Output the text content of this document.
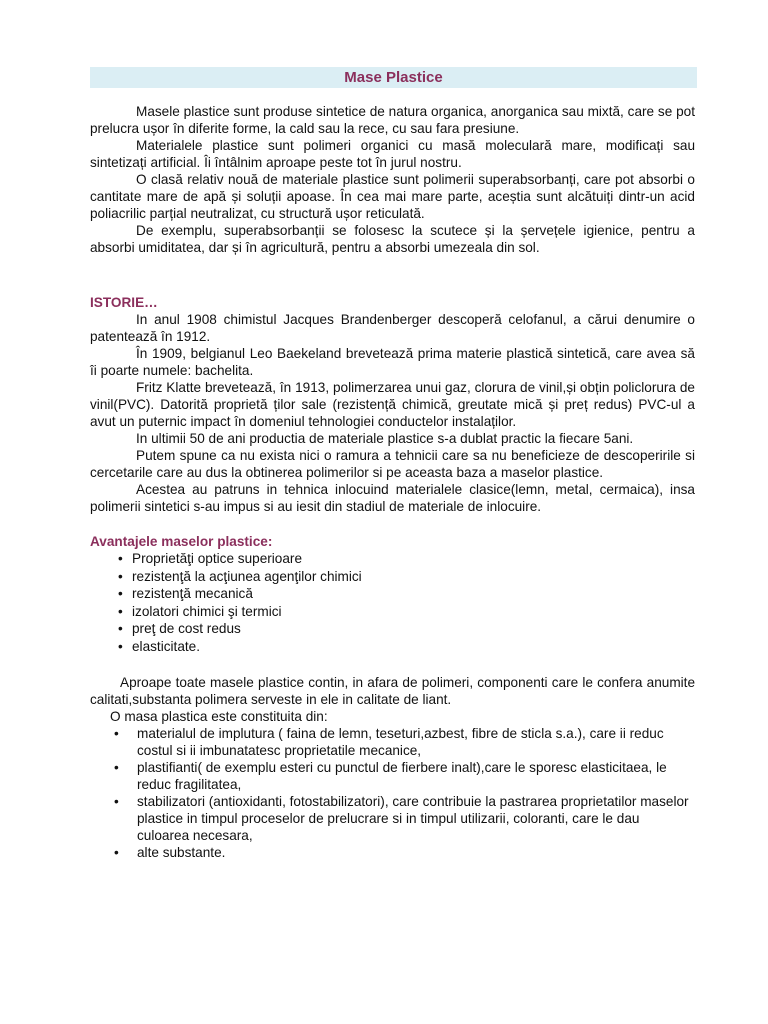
Mase Plastice

Masele plastice sunt produse sintetice de natura organica, anorganica sau mixtă, care se pot prelucra ușor în diferite forme, la cald sau la rece, cu sau fara presiune.

Materialele plastice sunt polimeri organici cu masă moleculară mare, modificați sau sintetizați artificial. Îi întâlnim aproape peste tot în jurul nostru.

O clasă relativ nouă de materiale plastice sunt polimerii superabsorbanți, care pot absorbi o cantitate mare de apă și soluții apoase. În cea mai mare parte, aceștia sunt alcătuiți dintr-un acid poliacrilic parțial neutralizat, cu structură ușor reticulată.

De exemplu, superabsorbanții se folosesc la scutece și la șervețele igienice, pentru a absorbi umiditatea, dar și în agricultură, pentru a absorbi umezeala din sol.

ISTORIE…

In anul 1908 chimistul Jacques Brandenberger descoperă celofanul, a cărui denumire o patentează în 1912.

În 1909, belgianul Leo Baekeland brevetează prima materie plastică sintetică, care avea să îi poarte numele: bachelita.

Fritz Klatte brevetează, în 1913, polimerzarea unui gaz, clorura de vinil,și obțin policlorura de vinil(PVC). Datorită proprietă ților sale (rezistență chimică, greutate mică și preț redus) PVC-ul a avut un puternic impact în domeniul tehnologiei conductelor instalaților.

In ultimii 50 de ani productia de materiale plastice s-a dublat practic la fiecare 5ani.

Putem spune ca nu exista nici o ramura a tehnicii care sa nu beneficieze de descoperirile si cercetarile care au dus la obtinerea polimerilor si pe aceasta baza a maselor plastice.

Acestea au patruns in tehnica inlocuind materialele clasice(lemn, metal, cermaica), insa polimerii sintetici s-au impus si au iesit din stadiul de materiale de inlocuire.

Avantajele maselor plastice:
• Proprietăţi optice superioare
• rezistenţă la acţiunea agenţilor chimici
• rezistenţă mecanică
• izolatori chimici şi termici
• preţ de cost redus
• elasticitate.

Aproape toate masele plastice contin, in afara de polimeri, componenti care le confera anumite calitati,substanta polimera serveste in ele in calitate de liant.

O masa plastica este constituita din:

• materialul de implutura ( faina de lemn, teseturi,azbest, fibre de sticla s.a.), care ii reduc costul si ii imbunatatesc proprietatile mecanice,
• plastifianti( de exemplu esteri cu punctul de fierbere inalt),care le sporesc elasticitaea, le reduc fragilitatea,
• stabilizatori (antioxidanti, fotostabilizatori), care contribuie la pastrarea proprietatilor maselor plastice in timpul proceselor de prelucrare si in timpul utilizarii, coloranti, care le dau culoarea necesara,
• alte substante.
